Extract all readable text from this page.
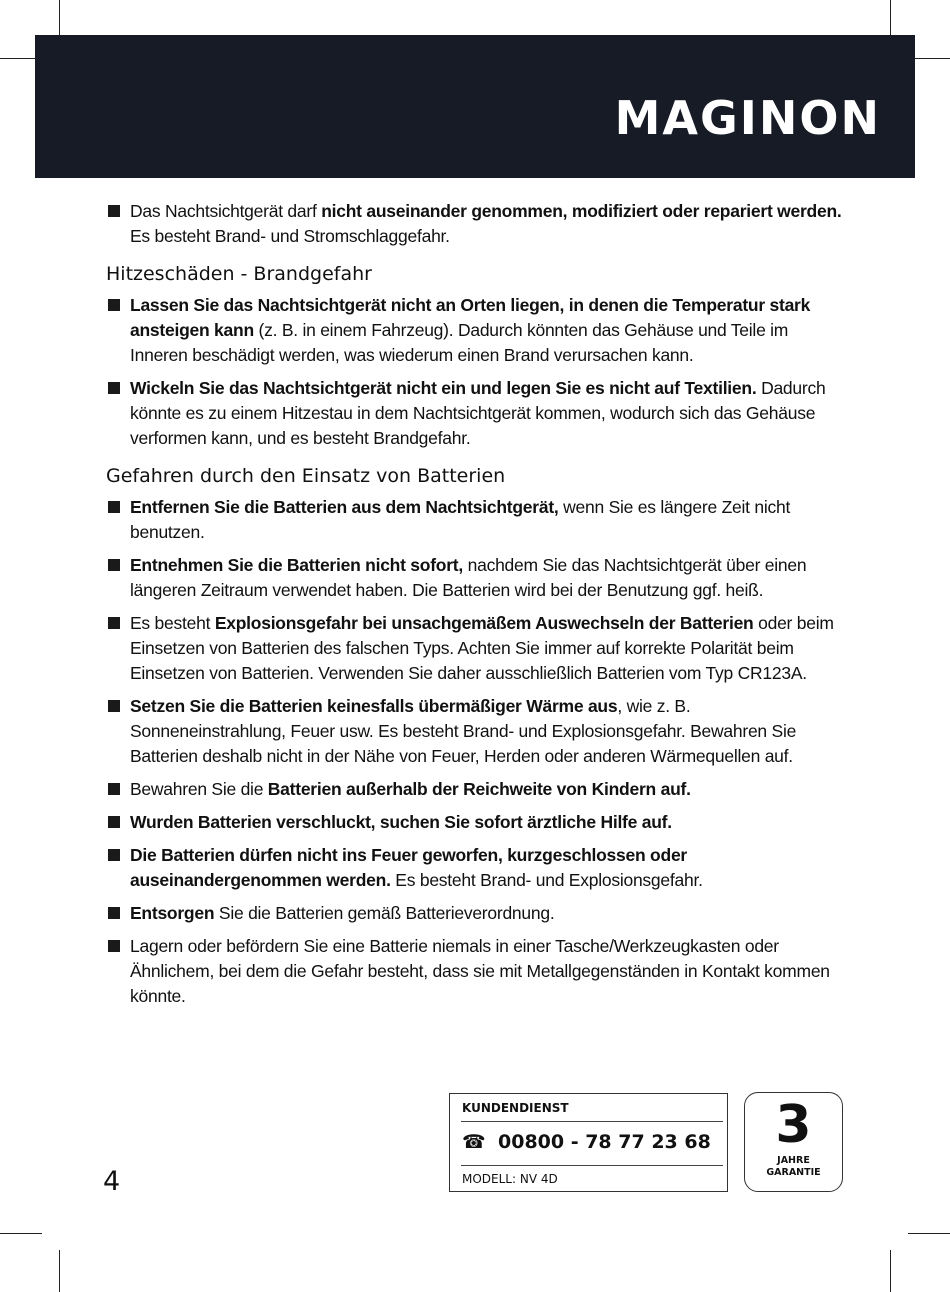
MAGINON
Das Nachtsichtgerät darf nicht auseinander genommen, modifiziert oder repariert werden. Es besteht Brand- und Stromschlaggefahr.
Hitzeschäden - Brandgefahr
Lassen Sie das Nachtsichtgerät nicht an Orten liegen, in denen die Temperatur stark ansteigen kann (z. B. in einem Fahrzeug). Dadurch könnten das Gehäuse und Teile im Inneren beschädigt werden, was wiederum einen Brand verursachen kann.
Wickeln Sie das Nachtsichtgerät nicht ein und legen Sie es nicht auf Textilien. Dadurch könnte es zu einem Hitzestau in dem Nachtsichtgerät kommen, wodurch sich das Gehäuse verformen kann, und es besteht Brandgefahr.
Gefahren durch den Einsatz von Batterien
Entfernen Sie die Batterien aus dem Nachtsichtgerät, wenn Sie es längere Zeit nicht benutzen.
Entnehmen Sie die Batterien nicht sofort, nachdem Sie das Nachtsichtgerät über einen längeren Zeitraum verwendet haben. Die Batterien wird bei der Benutzung ggf. heiß.
Es besteht Explosionsgefahr bei unsachgemäßem Auswechseln der Batterien oder beim Einsetzen von Batterien des falschen Typs. Achten Sie immer auf korrekte Polarität beim Einsetzen von Batterien. Verwenden Sie daher ausschließlich Batterien vom Typ CR123A.
Setzen Sie die Batterien keinesfalls übermäßiger Wärme aus, wie z. B. Sonneneinstrahlung, Feuer usw. Es besteht Brand- und Explosionsgefahr. Bewahren Sie Batterien deshalb nicht in der Nähe von Feuer, Herden oder anderen Wärmequellen auf.
Bewahren Sie die Batterien außerhalb der Reichweite von Kindern auf.
Wurden Batterien verschluckt, suchen Sie sofort ärztliche Hilfe auf.
Die Batterien dürfen nicht ins Feuer geworfen, kurzgeschlossen oder auseinandergenommen werden. Es besteht Brand- und Explosionsgefahr.
Entsorgen Sie die Batterien gemäß Batterieverordnung.
Lagern oder befördern Sie eine Batterie niemals in einer Tasche/Werkzeugkasten oder Ähnlichem, bei dem die Gefahr besteht, dass sie mit Metallgegenständen in Kontakt kommen könnte.
4
KUNDENDIENST
☎ 00800 - 78 77 23 68
MODELL: NV 4D
3
JAHRE
GARANTIE
